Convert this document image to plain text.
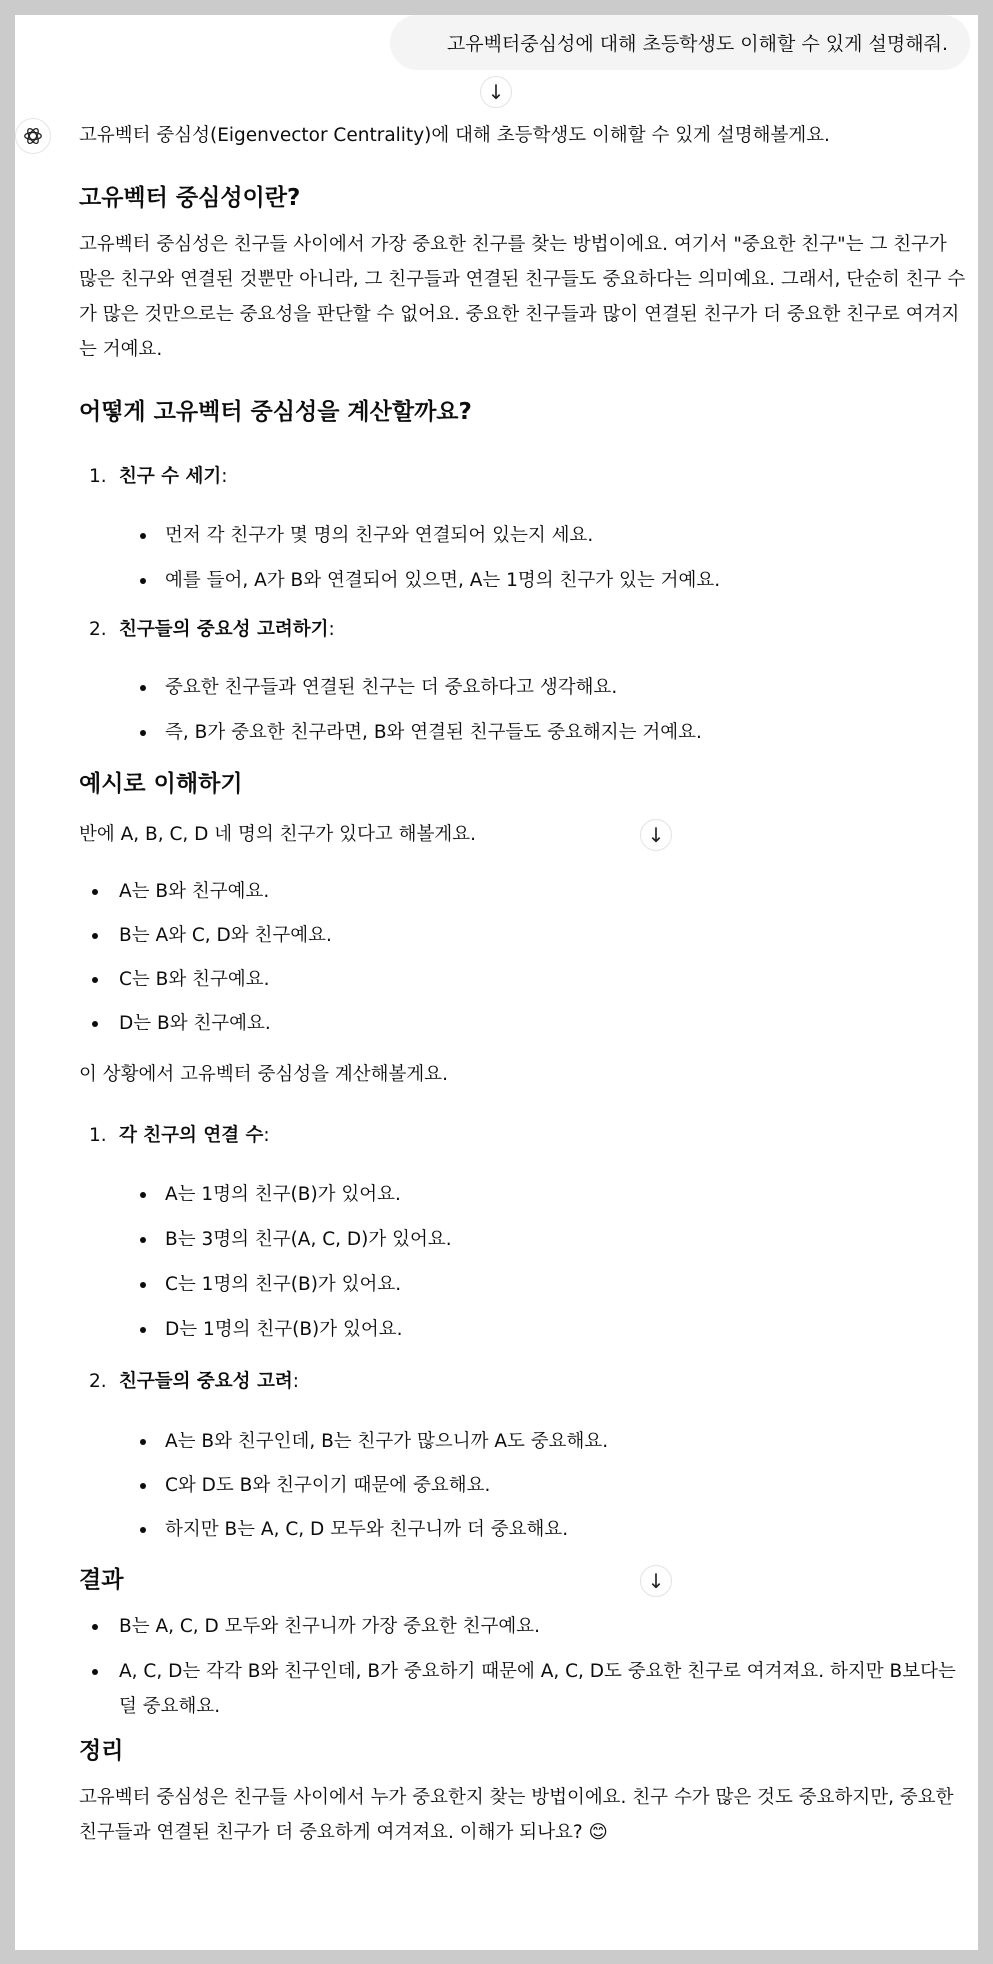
고유벡터중심성에 대해 초등학생도 이해할 수 있게 설명해줘.

고유벡터 중심성(Eigenvector Centrality)에 대해 초등학생도 이해할 수 있게 설명해볼게요.

고유벡터 중심성이란?

고유벡터 중심성은 친구들 사이에서 가장 중요한 친구를 찾는 방법이에요. 여기서 "중요한 친구"는 그 친구가 많은 친구와 연결된 것뿐만 아니라, 그 친구들과 연결된 친구들도 중요하다는 의미예요. 그래서, 단순히 친구 수가 많은 것만으로는 중요성을 판단할 수 없어요. 중요한 친구들과 많이 연결된 친구가 더 중요한 친구로 여겨지는 거예요.

어떻게 고유벡터 중심성을 계산할까요?
1. 친구 수 세기:
먼저 각 친구가 몇 명의 친구와 연결되어 있는지 세요.
예를 들어, A가 B와 연결되어 있으면, A는 1명의 친구가 있는 거예요.
2. 친구들의 중요성 고려하기:
중요한 친구들과 연결된 친구는 더 중요하다고 생각해요.
즉, B가 중요한 친구라면, B와 연결된 친구들도 중요해지는 거예요.
예시로 이해하기

반에 A, B, C, D 네 명의 친구가 있다고 해볼게요.

A는 B와 친구예요.
B는 A와 C, D와 친구예요.
C는 B와 친구예요.
D는 B와 친구예요.

이 상황에서 고유벡터 중심성을 계산해볼게요.

1. 각 친구의 연결 수:
A는 1명의 친구(B)가 있어요.
B는 3명의 친구(A, C, D)가 있어요.
C는 1명의 친구(B)가 있어요.
D는 1명의 친구(B)가 있어요.
2. 친구들의 중요성 고려:
A는 B와 친구인데, B는 친구가 많으니까 A도 중요해요.
C와 D도 B와 친구이기 때문에 중요해요.
하지만 B는 A, C, D 모두와 친구니까 더 중요해요.
결과
B는 A, C, D 모두와 친구니까 가장 중요한 친구예요.
A, C, D는 각각 B와 친구인데, B가 중요하기 때문에 A, C, D도 중요한 친구로 여겨져요. 하지만 B보다는 덜 중요해요.
정리

고유벡터 중심성은 친구들 사이에서 누가 중요한지 찾는 방법이에요. 친구 수가 많은 것도 중요하지만, 중요한 친구들과 연결된 친구가 더 중요하게 여겨져요. 이해가 되나요? 😊

↓
↓
↓
